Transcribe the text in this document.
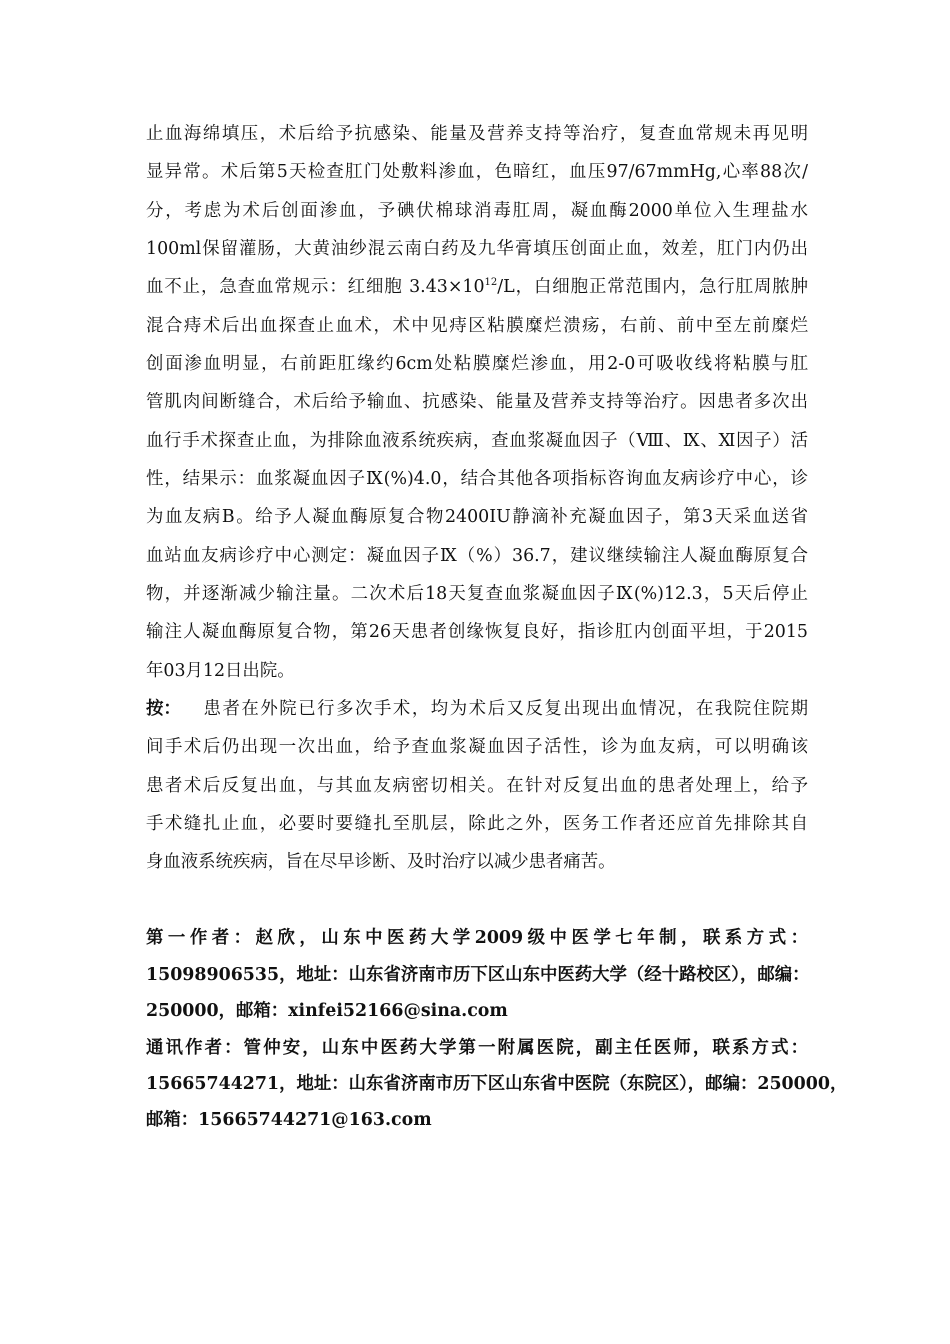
止血海绵填压，术后给予抗感染、能量及营养支持等治疗，复查血常规未再见明
显异常。术后第5天检查肛门处敷料渗血，色暗红，血压97/67mmHg,心率88次/
分，考虑为术后创面渗血，予碘伏棉球消毒肛周，凝血酶2000单位入生理盐水
100ml保留灌肠，大黄油纱混云南白药及九华膏填压创面止血，效差，肛门内仍出
血不止，急查血常规示：红细胞 $3.43\times 10^{12}/L$，白细胞正常范围内，急行肛周脓肿
混合痔术后出血探查止血术，术中见痔区粘膜糜烂溃疡，右前、前中至左前糜烂
创面渗血明显，右前距肛缘约6cm处粘膜糜烂渗血，用2-0可吸收线将粘膜与肛
管肌肉间断缝合，术后给予输血、抗感染、能量及营养支持等治疗。因患者多次出
血行手术探查止血，为排除血液系统疾病，查血浆凝血因子（Ⅷ、Ⅸ、Ⅺ因子）活
性，结果示：血浆凝血因子Ⅸ(%)4.0，结合其他各项指标咨询血友病诊疗中心，诊
为血友病B。给予人凝血酶原复合物2400IU静滴补充凝血因子，第3天采血送省
血站血友病诊疗中心测定：凝血因子Ⅸ（%）36.7，建议继续输注人凝血酶原复合
物，并逐渐减少输注量。二次术后18天复查血浆凝血因子Ⅸ(%)12.3，5天后停止
输注人凝血酶原复合物，第26天患者创缘恢复良好，指诊肛内创面平坦，于2015
年03月12日出院。
按： 患者在外院已行多次手术，均为术后又反复出现出血情况，在我院住院期
间手术后仍出现一次出血，给予查血浆凝血因子活性，诊为血友病，可以明确该
患者术后反复出血，与其血友病密切相关。在针对反复出血的患者处理上，给予
手术缝扎止血，必要时要缝扎至肌层，除此之外，医务工作者还应首先排除其自
身血液系统疾病，旨在尽早诊断、及时治疗以减少患者痛苦。
第一作者：赵欣，山东中医药大学2009级中医学七年制，联系方式：
15098906535，地址：山东省济南市历下区山东中医药大学（经十路校区），邮编：
250000，邮箱：xinfei52166@sina.com
通讯作者：管仲安，山东中医药大学第一附属医院，副主任医师，联系方式：
15665744271，地址：山东省济南市历下区山东省中医院（东院区），邮编：250000，
邮箱：15665744271@163.com
